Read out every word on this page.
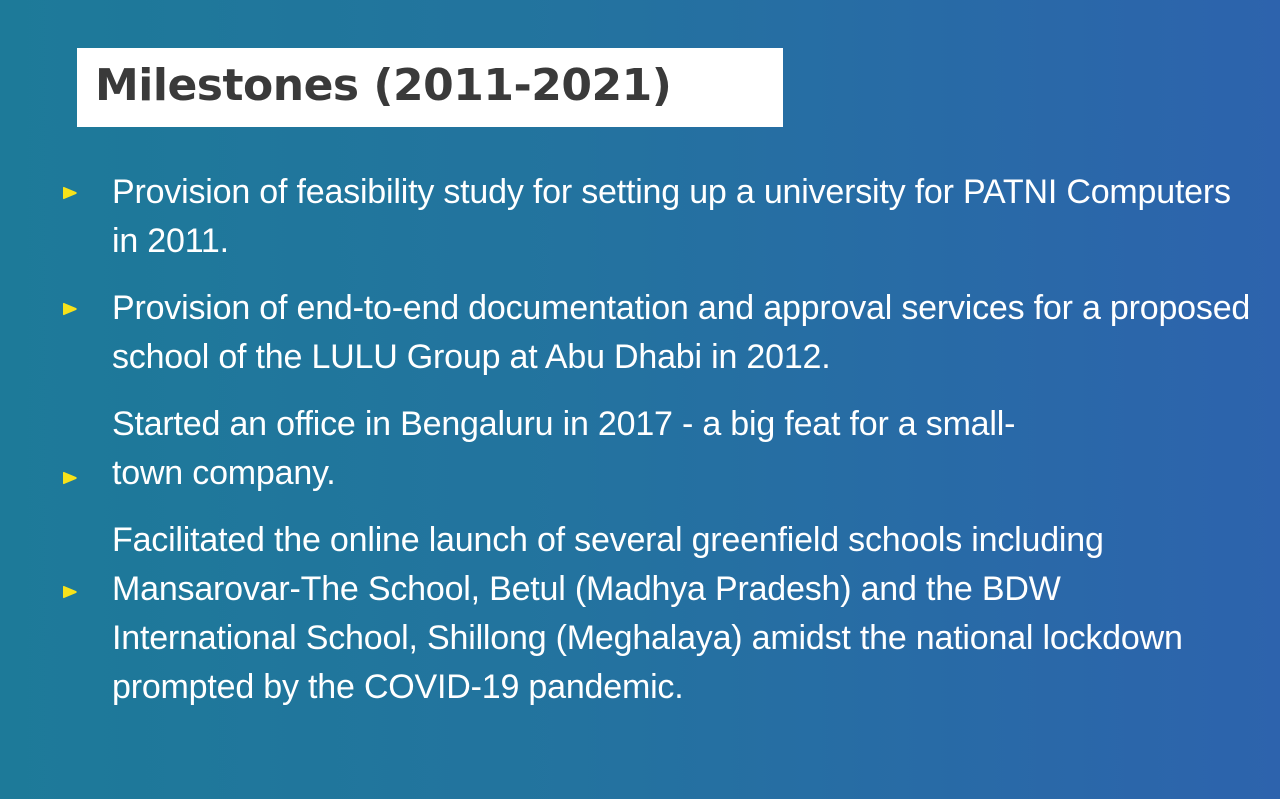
Milestones (2011-2021)

Provision of feasibility study for setting up a university for PATNI Computers in 2011.

Provision of end-to-end documentation and approval services for a proposed school of the LULU Group at Abu Dhabi in 2012.

Started an office in Bengaluru in 2017 - a big feat for a small-town company.

Facilitated the online launch of several greenfield schools including Mansarovar-The School, Betul (Madhya Pradesh) and the BDW International School, Shillong (Meghalaya) amidst the national lockdown prompted by the COVID-19 pandemic.
